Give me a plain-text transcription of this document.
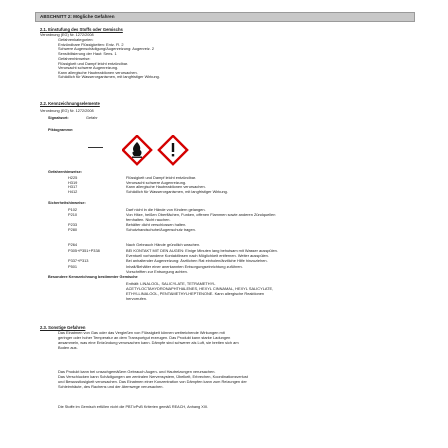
ABSCHNITT 2: Mögliche Gefahren
2.1. Einstufung des Stoffs oder Gemischs
Verordnung (EG) Nr. 1272/2008
Gefahrenkategorien:
Entzündbare Flüssigkeiten: Entz. Fl. 2
Schwere Augenschädigung/Augenreizung: Augenreiz. 2
Sensibilisierung der Haut: Sens. 1
Gefahrenhinweise:
Flüssigkeit und Dampf leicht entzündbar.
Verursacht schwere Augenreizung.
Kann allergische Hautreaktionen verursachen.
Schädlich für Wasserorganismen, mit langfristiger Wirkung.
2.2. Kennzeichnungselemente
Verordnung (EG) Nr. 1272/2008
Signalwort:	Gefahr
Piktogramme:
Gefahrenhinweise:
H225	Flüssigkeit und Dampf leicht entzündbar.
H319	Verursacht schwere Augenreizung.
H317	Kann allergische Hautreaktionen verursachen.
H412	Schädlich für Wasserorganismen, mit langfristiger Wirkung.
Sicherheitshinweise:
P102	Darf nicht in die Hände von Kindern gelangen.
P210	Von Hitze, heißen Oberflächen, Funken, offenen Flammen sowie anderen Zündquellen
fernhalten. Nicht rauchen.
P233	Behälter dicht verschlossen halten.
P280	Schutzhandschuhe/Augenschutz tragen.
P264	Nach Gebrauch Hände gründlich waschen.
P305+P351+P338	BEI KONTAKT MIT DEN AUGEN: Einige Minuten lang behutsam mit Wasser ausspülen.
Eventuell vorhandene Kontaktlinsen nach Möglichkeit entfernen. Weiter ausspülen.
P337+P313	Bei anhaltender Augenreizung: Ärztlichen Rat einholen/ärztliche Hilfe hinzuziehen.
P501	Inhalt/Behälter einer anerkannten Entsorgungseinrichtung zuführen.
Vorschriften zur Entsorgung achten.
Besondere Kennzeichnung bestimmter Gemische
Enthält: LINALOOL, SALICYLATE, TETRAMETHYL
ACETYLOCTAHYDRONAPHTHALENES, HEXYL CINNAMAL, HEXYL SALICYLATE,
ETHYLLINALOOL, PENTAMETHYLHEPTENONE. Kann allergische Reaktionen
hervorrufen.
2.3. Sonstige Gefahren
Das Einatmen von Gas oder das Vergießen von Flüssigkeit können weitreichende Wirkungen mit
geringer oder hoher Temperatur an dem Transportgut erzeugen. Das Produkt kann starke Ladungen
ansammeln, was eine Entzündung verursachen kann. Dämpfe sind schwerer als Luft, sie breiten sich am
Boden aus.
Das Produkt kann bei unsachgemäßem Gebrauch Augen- und Hautreizungen verursachen.
Das Verschlucken kann Schädigungen am zentralen Nervensystem, Übelkeit, Erbrechen, Koordinationsverlust
und Bewusstlosigkeit verursachen. Das Einatmen einer Konzentration von Dämpfen kann zum Reizungen der
Schleimhäute, des Rachens und der Atemwege verursachen.
Die Stoffe im Gemisch erfüllen nicht die PBT/vPvB Kriterien gemäß REACH, Anhang XIII.
